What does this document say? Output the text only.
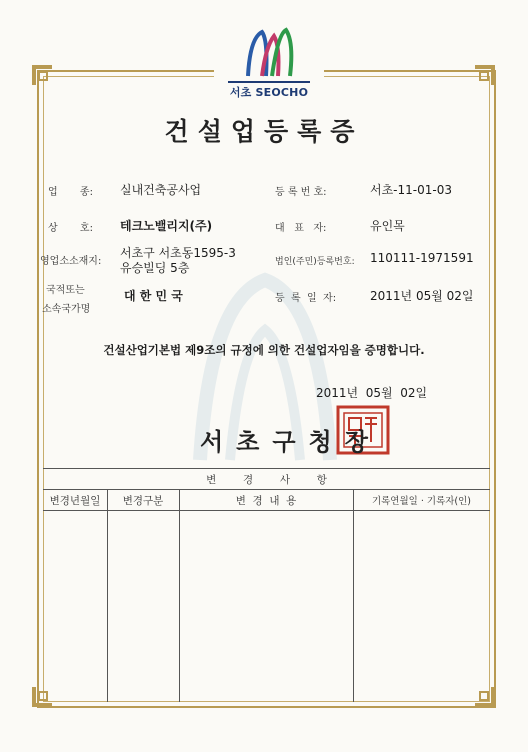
서초 SEOCHO
건설업등록증
업       종: 실내건축공사업	등 록 번 호:	서초-11-01-03
상       호: 테크노밸리지(주)	대   표   자:	유인목
영업소소재지:
서초구 서초동1595-3
유승빌딩 5층	법인(주민)등록번호: 110111-1971591
국적또는
소속국가명
대 한 민 국	등  록  일  자:	2011년 05월 02일
건설산업기본법 제9조의 규정에 의한 건설업자임을 증명합니다.
2011년  05월  02일
서초구청장
변        경        사        항
변경년월일	변경구분	변  경  내  용	기록연월일 · 기록자(인)
